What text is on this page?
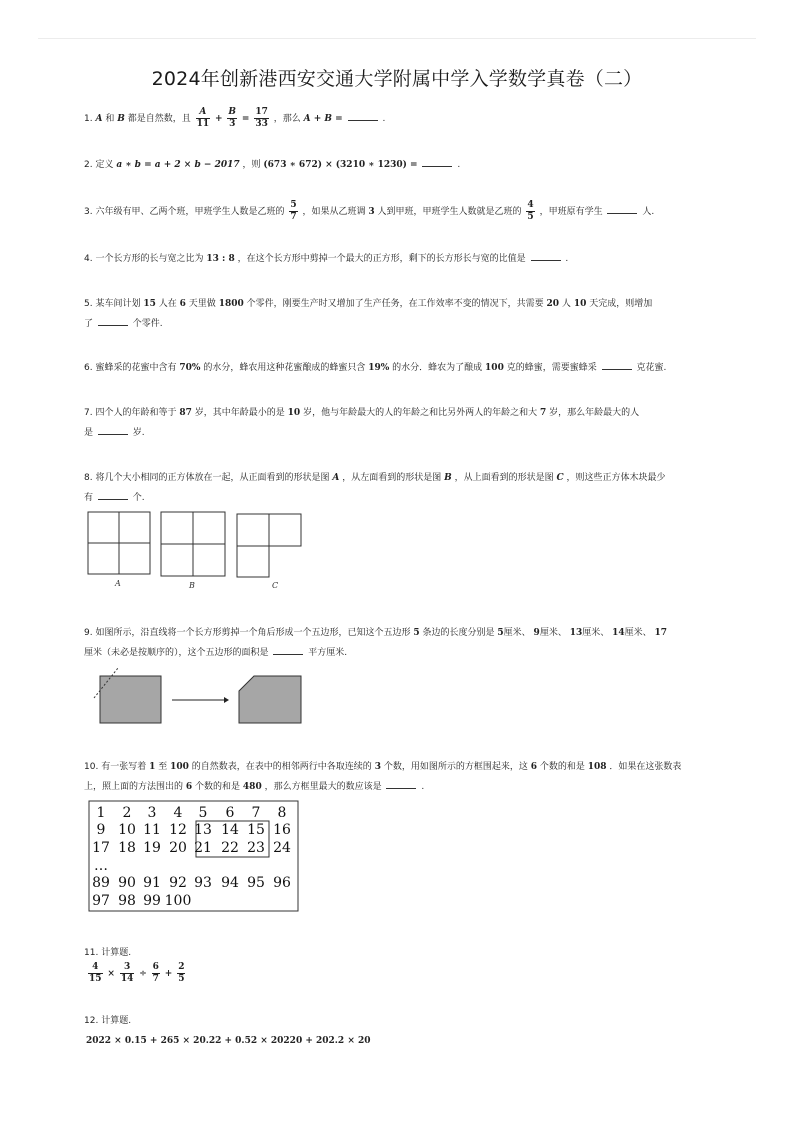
2024年创新港西安交通大学附属中学入学数学真卷（二）
1. A 和 B 都是自然数，且 $\frac{A}{11} + \frac{B}{3} = \frac{17}{33}$ ，那么 A + B =	.
2. 定义 a ∗ b = a + 2 × b − 2017 ，则 (673 ∗ 672) × (3210 ∗ 1230) =	.
3. 六年级有甲、乙两个班，甲班学生人数是乙班的 $\frac{5}{7}$ ，如果从乙班调 3 人到甲班，甲班学生人数就是乙班的 $\frac{4}{5}$ ，甲班原有学生	人.
4. 一个长方形的长与宽之比为 13 : 8 ，在这个长方形中剪掉一个最大的正方形，剩下的长方形长与宽的比值是	.
5. 某车间计划 15 人在 6 天里做 1800 个零件，刚要生产时又增加了生产任务，在工作效率不变的情况下，共需要 20 人 10 天完成，则增加
了	个零件.
6. 蜜蜂采的花蜜中含有 70% 的水分，蜂农用这种花蜜酿成的蜂蜜只含 19% 的水分．蜂农为了酿成 100 克的蜂蜜，需要蜜蜂采	克花蜜.
7. 四个人的年龄和等于 87 岁，其中年龄最小的是 10 岁，他与年龄最大的人的年龄之和比另外两人的年龄之和大 7 岁，那么年龄最大的人
是	岁.
8. 将几个大小相同的正方体放在一起，从正面看到的形状是图 A ，从左面看到的形状是图 B ，从上面看到的形状是图 C ，则这些正方体木块最少
有	个.
A	B	C
9. 如图所示，沿直线将一个长方形剪掉一个角后形成一个五边形，已知这个五边形 5 条边的长度分别是 5厘米、 9厘米、 13厘米、 14厘米、 17
厘米（未必是按顺序的），这个五边形的面积是	平方厘米.
10. 有一张写着 1 至 100 的自然数表，在表中的相邻两行中各取连续的 3 个数，用如图所示的方框围起来，这 6 个数的和是 108 ．如果在这张数表
上，照上面的方法围出的 6 个数的和是 480 ，那么方框里最大的数应该是	.
1 2 3 4 5 6 7 8
9 10 11 12 13 14 15 16
17 18 19 20 21 22 23 24
…
89 90 91 92 93 94 95 96
97 98 99 100
11. 计算题.
$\frac{4}{15} \times \frac{3}{14} \div \frac{6}{7} + \frac{2}{5}$
12. 计算题.
2022 × 0.15 + 265 × 20.22 + 0.52 × 20220 + 202.2 × 20
